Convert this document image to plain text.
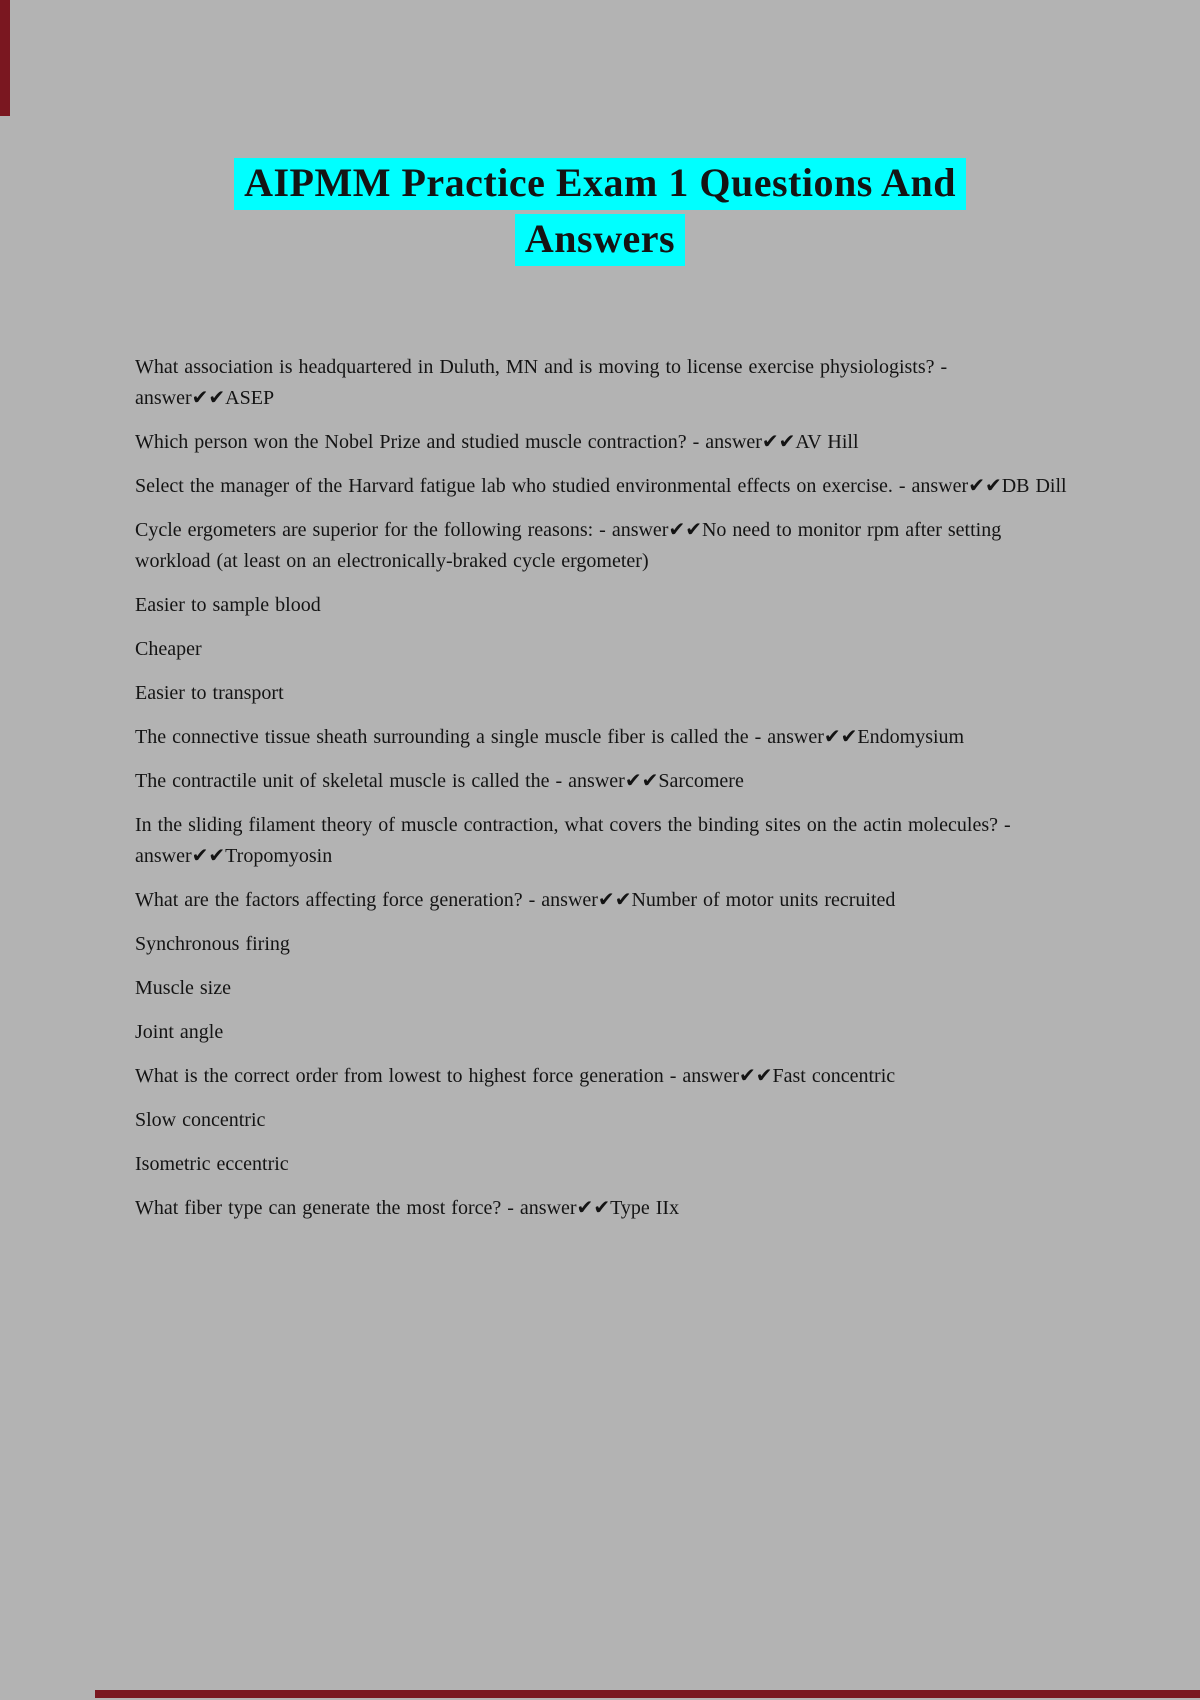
AIPMM Practice Exam 1 Questions And
Answers
What association is headquartered in Duluth, MN and is moving to license exercise physiologists? - answer✔✔ASEP
Which person won the Nobel Prize and studied muscle contraction? - answer✔✔AV Hill
Select the manager of the Harvard fatigue lab who studied environmental effects on exercise. - answer✔✔DB Dill
Cycle ergometers are superior for the following reasons: - answer✔✔No need to monitor rpm after setting workload (at least on an electronically-braked cycle ergometer)
Easier to sample blood
Cheaper
Easier to transport
The connective tissue sheath surrounding a single muscle fiber is called the - answer✔✔Endomysium
The contractile unit of skeletal muscle is called the - answer✔✔Sarcomere
In the sliding filament theory of muscle contraction, what covers the binding sites on the actin molecules? - answer✔✔Tropomyosin
What are the factors affecting force generation? - answer✔✔Number of motor units recruited
Synchronous firing
Muscle size
Joint angle
What is the correct order from lowest to highest force generation - answer✔✔Fast concentric
Slow concentric
Isometric eccentric
What fiber type can generate the most force? - answer✔✔Type IIx
